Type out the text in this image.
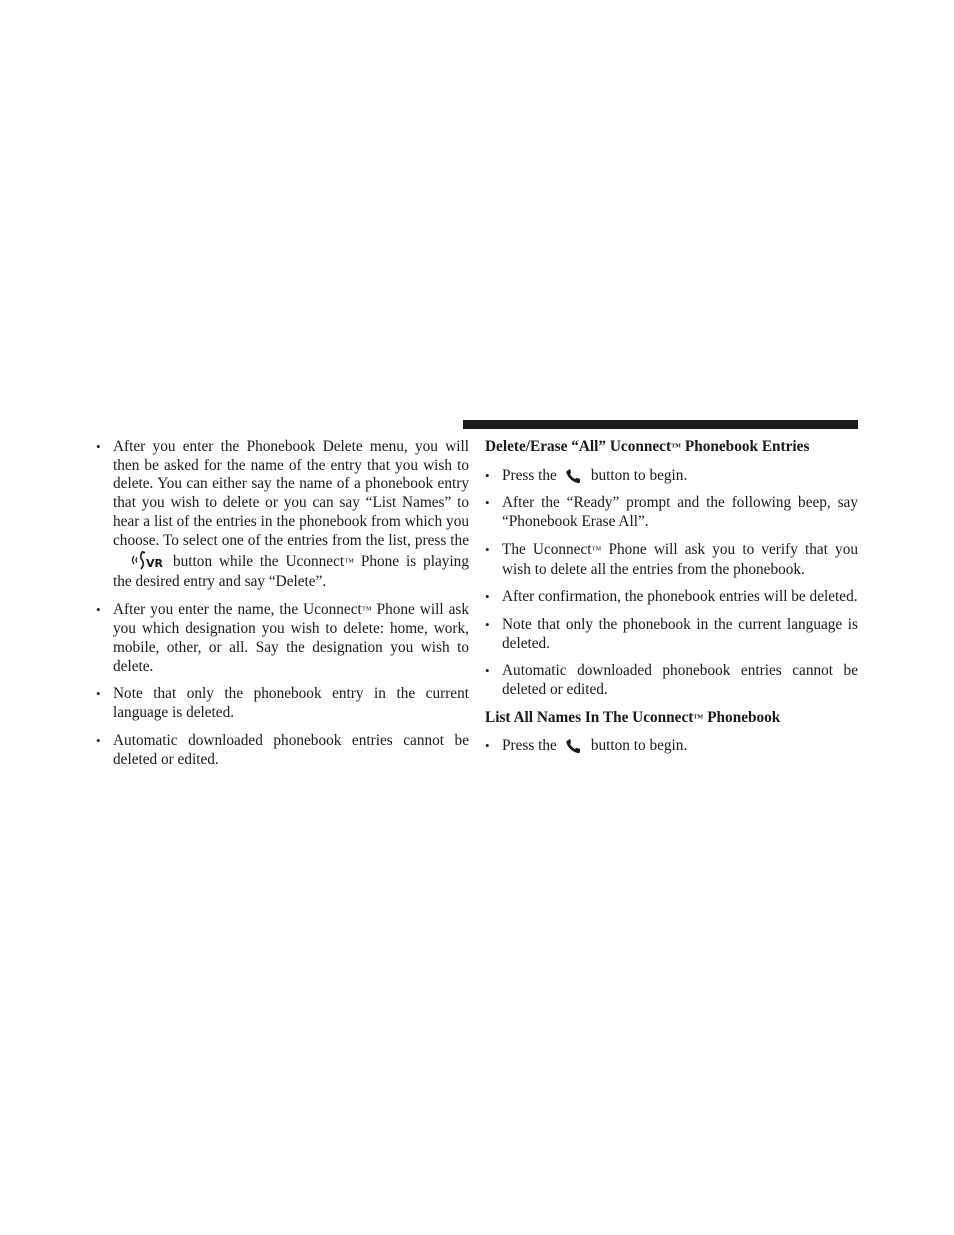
• After you enter the Phonebook Delete menu, you will then be asked for the name of the entry that you wish to delete. You can either say the name of a phonebook entry that you wish to delete or you can say “List Names” to hear a list of the entries in the phonebook from which you choose. To select one of the entries from the list, press the
VR button while the Uconnect™ Phone is playing the desired entry and say “Delete”.
• After you enter the name, the Uconnect™ Phone will ask you which designation you wish to delete: home, work, mobile, other, or all. Say the designation you wish to delete.
• Note that only the phonebook entry in the current language is deleted.
• Automatic downloaded phonebook entries cannot be deleted or edited.
Delete/Erase “All” Uconnect™ Phonebook Entries
• Press the button to begin.
• After the “Ready” prompt and the following beep, say “Phonebook Erase All”.
• The Uconnect™ Phone will ask you to verify that you wish to delete all the entries from the phonebook.
• After confirmation, the phonebook entries will be deleted.
• Note that only the phonebook in the current language is deleted.
• Automatic downloaded phonebook entries cannot be deleted or edited.
List All Names In The Uconnect™ Phonebook
• Press the button to begin.
